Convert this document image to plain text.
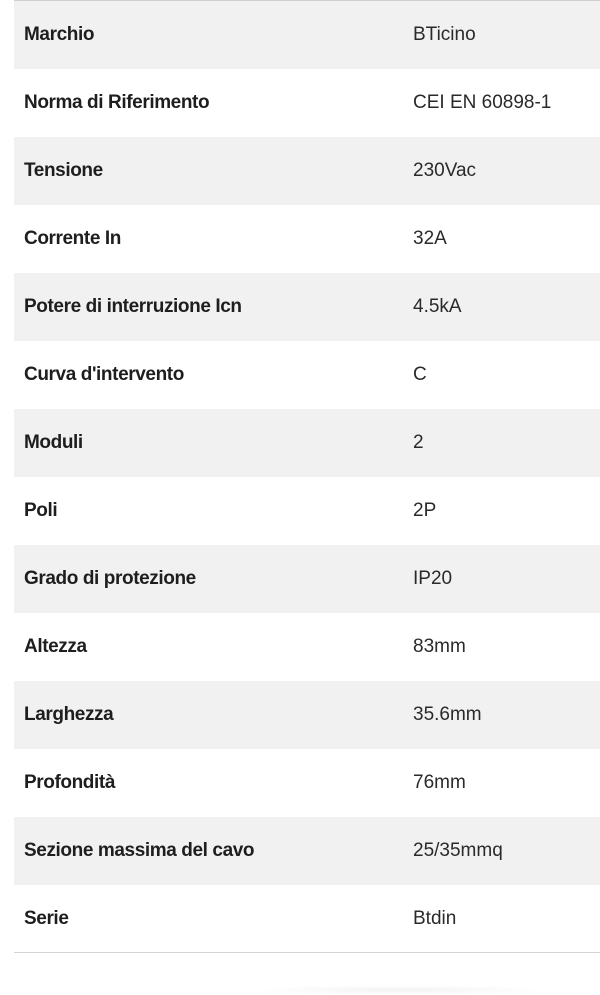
Marchio	BTicino
Norma di Riferimento	CEI EN 60898-1
Tensione	230Vac
Corrente In	32A
Potere di interruzione Icn	4.5kA
Curva d'intervento	C
Moduli	2
Poli	2P
Grado di protezione	IP20
Altezza	83mm
Larghezza	35.6mm
Profondità	76mm
Sezione massima del cavo	25/35mmq
Serie	Btdin
